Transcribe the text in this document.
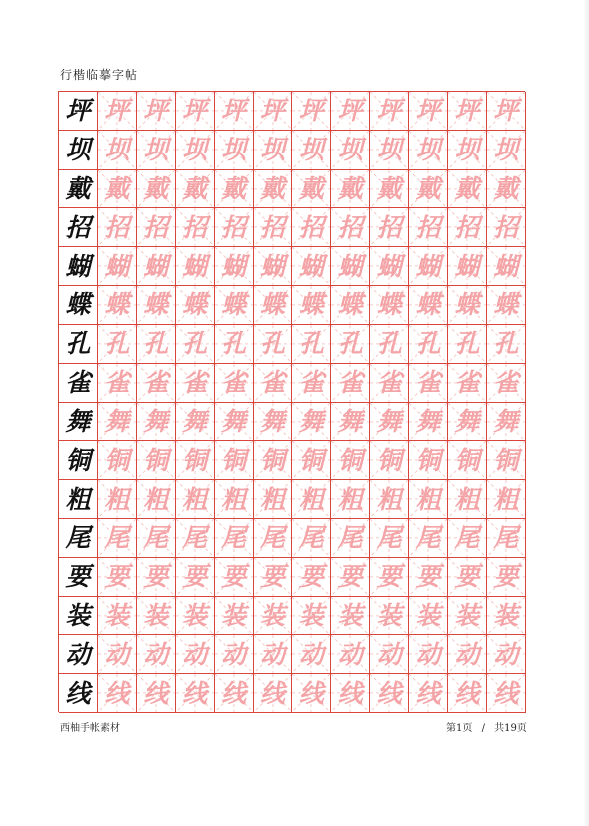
行楷临摹字帖
坪 坪 坪 坪 坪 坪 坪 坪 坪 坪 坪 坪
坝 坝 坝 坝 坝 坝 坝 坝 坝 坝 坝 坝
戴 戴 戴 戴 戴 戴 戴 戴 戴 戴 戴 戴
招 招 招 招 招 招 招 招 招 招 招 招
蝴 蝴 蝴 蝴 蝴 蝴 蝴 蝴 蝴 蝴 蝴 蝴
蝶 蝶 蝶 蝶 蝶 蝶 蝶 蝶 蝶 蝶 蝶 蝶
孔 孔 孔 孔 孔 孔 孔 孔 孔 孔 孔 孔
雀 雀 雀 雀 雀 雀 雀 雀 雀 雀 雀 雀
舞 舞 舞 舞 舞 舞 舞 舞 舞 舞 舞 舞
铜 铜 铜 铜 铜 铜 铜 铜 铜 铜 铜 铜
粗 粗 粗 粗 粗 粗 粗 粗 粗 粗 粗 粗
尾 尾 尾 尾 尾 尾 尾 尾 尾 尾 尾 尾
要 要 要 要 要 要 要 要 要 要 要 要
装 装 装 装 装 装 装 装 装 装 装 装
动 动 动 动 动 动 动 动 动 动 动 动
线 线 线 线 线 线 线 线 线 线 线 线
西柚手帐素材	第1页 / 共19页
